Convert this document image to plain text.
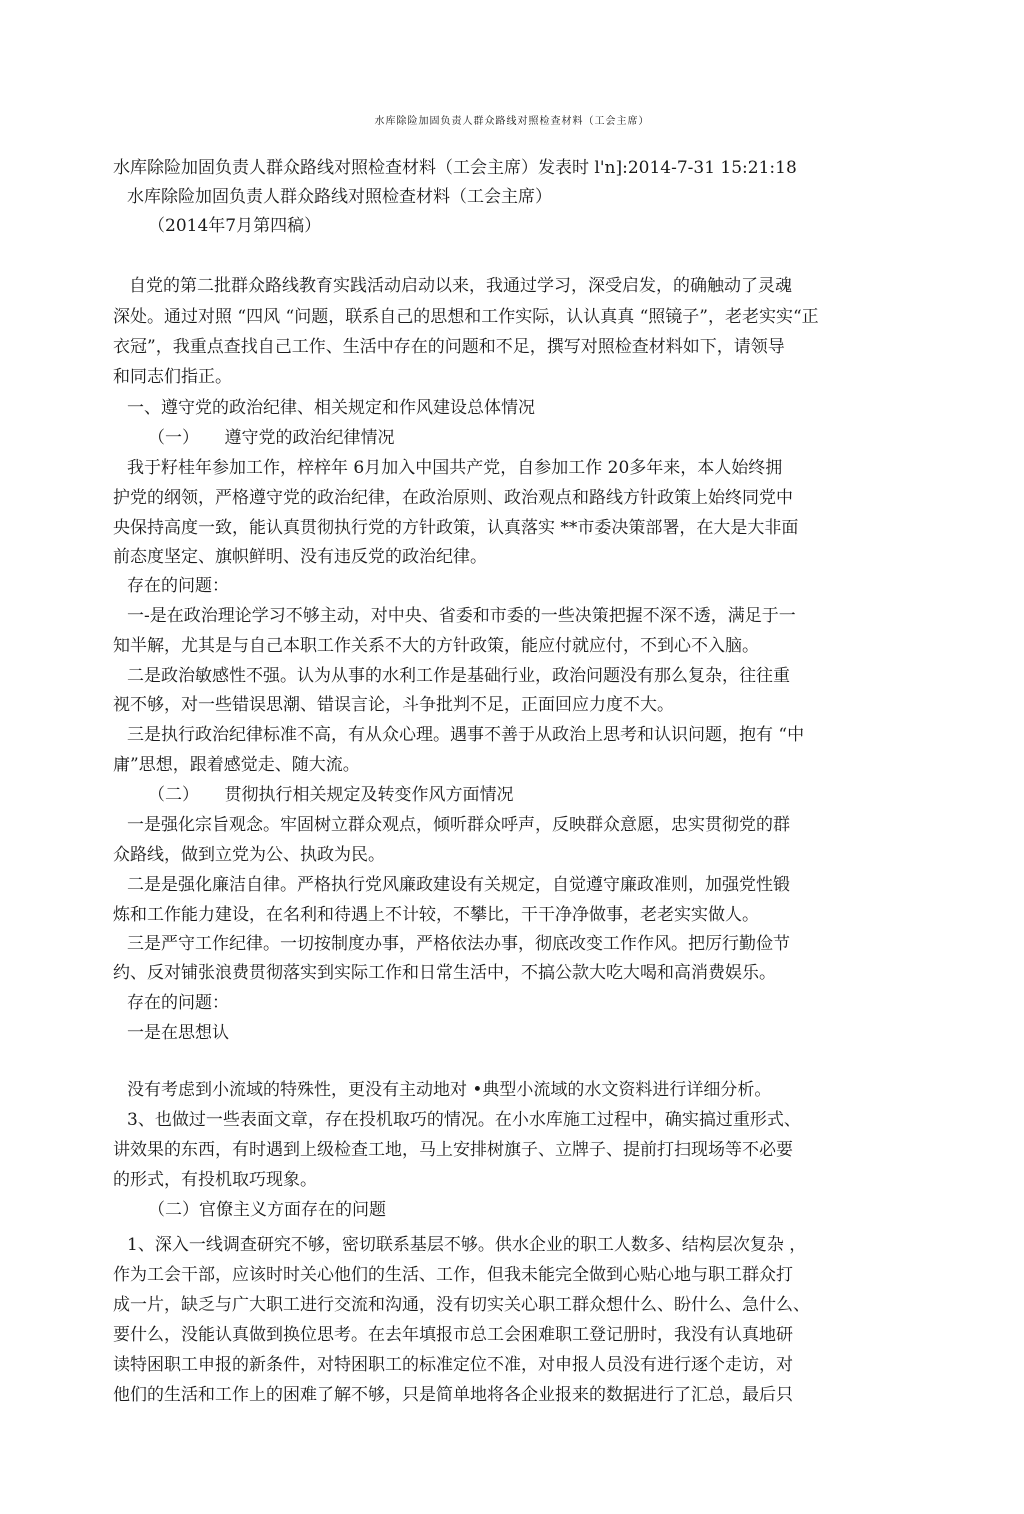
水库除险加固负责人群众路线对照检查材料（工会主席）
水库除险加固负责人群众路线对照检查材料（工会主席）发表时 l'n]:2014-7-31 15:21:18
水库除险加固负责人群众路线对照检查材料（工会主席）
（2014年7月第四稿）
自党的第二批群众路线教育实践活动启动以来，我通过学习，深受启发，的确触动了灵魂
深处。通过对照 “四风 “问题，联系自己的思想和工作实际，认认真真 “照镜子”，老老实实“正
衣冠”，我重点查找自己工作、生活中存在的问题和不足，撰写对照检查材料如下，请领导
和同志们指正。
一、遵守党的政治纪律、相关规定和作风建设总体情况
（一）　　遵守党的政治纪律情况
我于籽桂年参加工作，梓梓年 6月加入中国共产党，自参加工作 20多年来，本人始终拥
护党的纲领，严格遵守党的政治纪律，在政治原则、政治观点和路线方针政策上始终同党中
央保持高度一致，能认真贯彻执行党的方针政策，认真落实 **市委决策部署，在大是大非面
前态度坚定、旗帜鲜明、没有违反党的政治纪律。
存在的问题：
一-是在政治理论学习不够主动，对中央、省委和市委的一些决策把握不深不透，满足于一
知半解，尤其是与自己本职工作关系不大的方针政策，能应付就应付，不到心不入脑。
二是政治敏感性不强。认为从事的水利工作是基础行业，政治问题没有那么复杂，往往重
视不够，对一些错误思潮、错误言论，斗争批判不足，正面回应力度不大。
三是执行政治纪律标准不高，有从众心理。遇事不善于从政治上思考和认识问题，抱有 “中
庸”思想，跟着感觉走、随大流。
（二）　　贯彻执行相关规定及转变作风方面情况
一是强化宗旨观念。牢固树立群众观点，倾听群众呼声，反映群众意愿，忠实贯彻党的群
众路线，做到立党为公、执政为民。
二是是强化廉洁自律。严格执行党风廉政建设有关规定，自觉遵守廉政准则，加强党性锻
炼和工作能力建设，在名利和待遇上不计较，不攀比，干干净净做事，老老实实做人。
三是严守工作纪律。一切按制度办事，严格依法办事，彻底改变工作作风。把厉行勤俭节
约、反对铺张浪费贯彻落实到实际工作和日常生活中，不搞公款大吃大喝和高消费娱乐。
存在的问题：
一是在思想认
没有考虑到小流域的特殊性，更没有主动地对 •典型小流域的水文资料进行详细分析。
3、也做过一些表面文章，存在投机取巧的情况。在小水库施工过程中，确实搞过重形式、
讲效果的东西，有时遇到上级检查工地，马上安排树旗子、立牌子、提前打扫现场等不必要
的形式，有投机取巧现象。
（二）官僚主义方面存在的问题
1、深入一线调查研究不够，密切联系基层不够。供水企业的职工人数多、结构层次复杂 ，
作为工会干部，应该时时关心他们的生活、工作，但我未能完全做到心贴心地与职工群众打
成一片，缺乏与广大职工进行交流和沟通，没有切实关心职工群众想什么、盼什么、急什么、
要什么，没能认真做到换位思考。在去年填报市总工会困难职工登记册时，我没有认真地研
读特困职工申报的新条件，对特困职工的标准定位不准，对申报人员没有进行逐个走访，对
他们的生活和工作上的困难了解不够，只是简单地将各企业报来的数据进行了汇总，最后只
